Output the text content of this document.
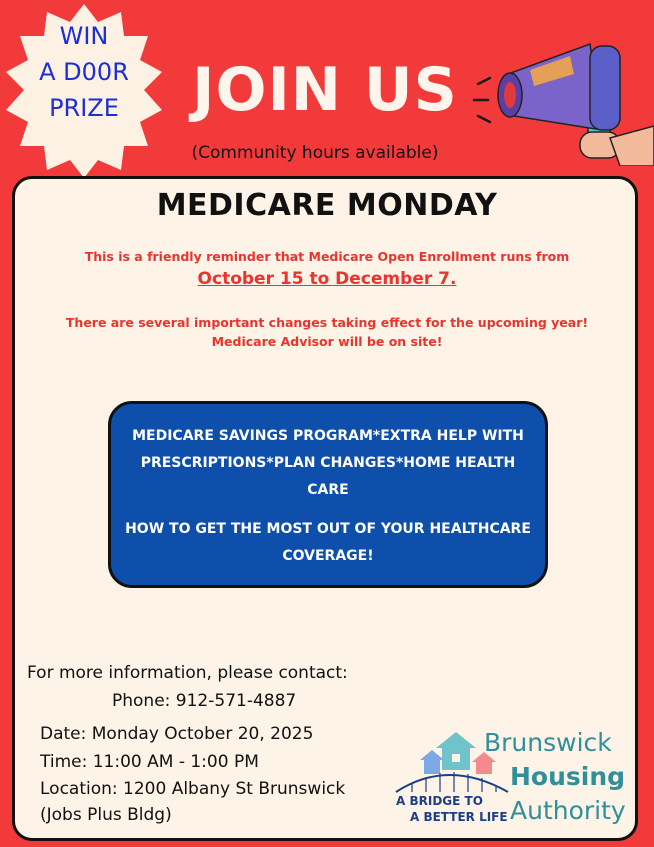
WIN
A D00R
PRIZE	JOIN US
(Community hours available)
MEDICARE MONDAY
This is a friendly reminder that Medicare Open Enrollment runs from
October 15 to December 7.
There are several important changes taking effect for the upcoming year!
Medicare Advisor will be on site!
MEDICARE SAVINGS PROGRAM*EXTRA HELP WITH PRESCRIPTIONS*PLAN CHANGES*HOME HEALTH CARE
HOW TO GET THE MOST OUT OF YOUR HEALTHCARE COVERAGE!
For more information, please contact:
Phone: 912-571-4887
Date: Monday October 20, 2025
Time: 11:00 AM - 1:00 PM
Location: 1200 Albany St Brunswick
(Jobs Plus Bldg)
Brunswick
Housing
Authority
A BRIDGE TO
A BETTER LIFE
